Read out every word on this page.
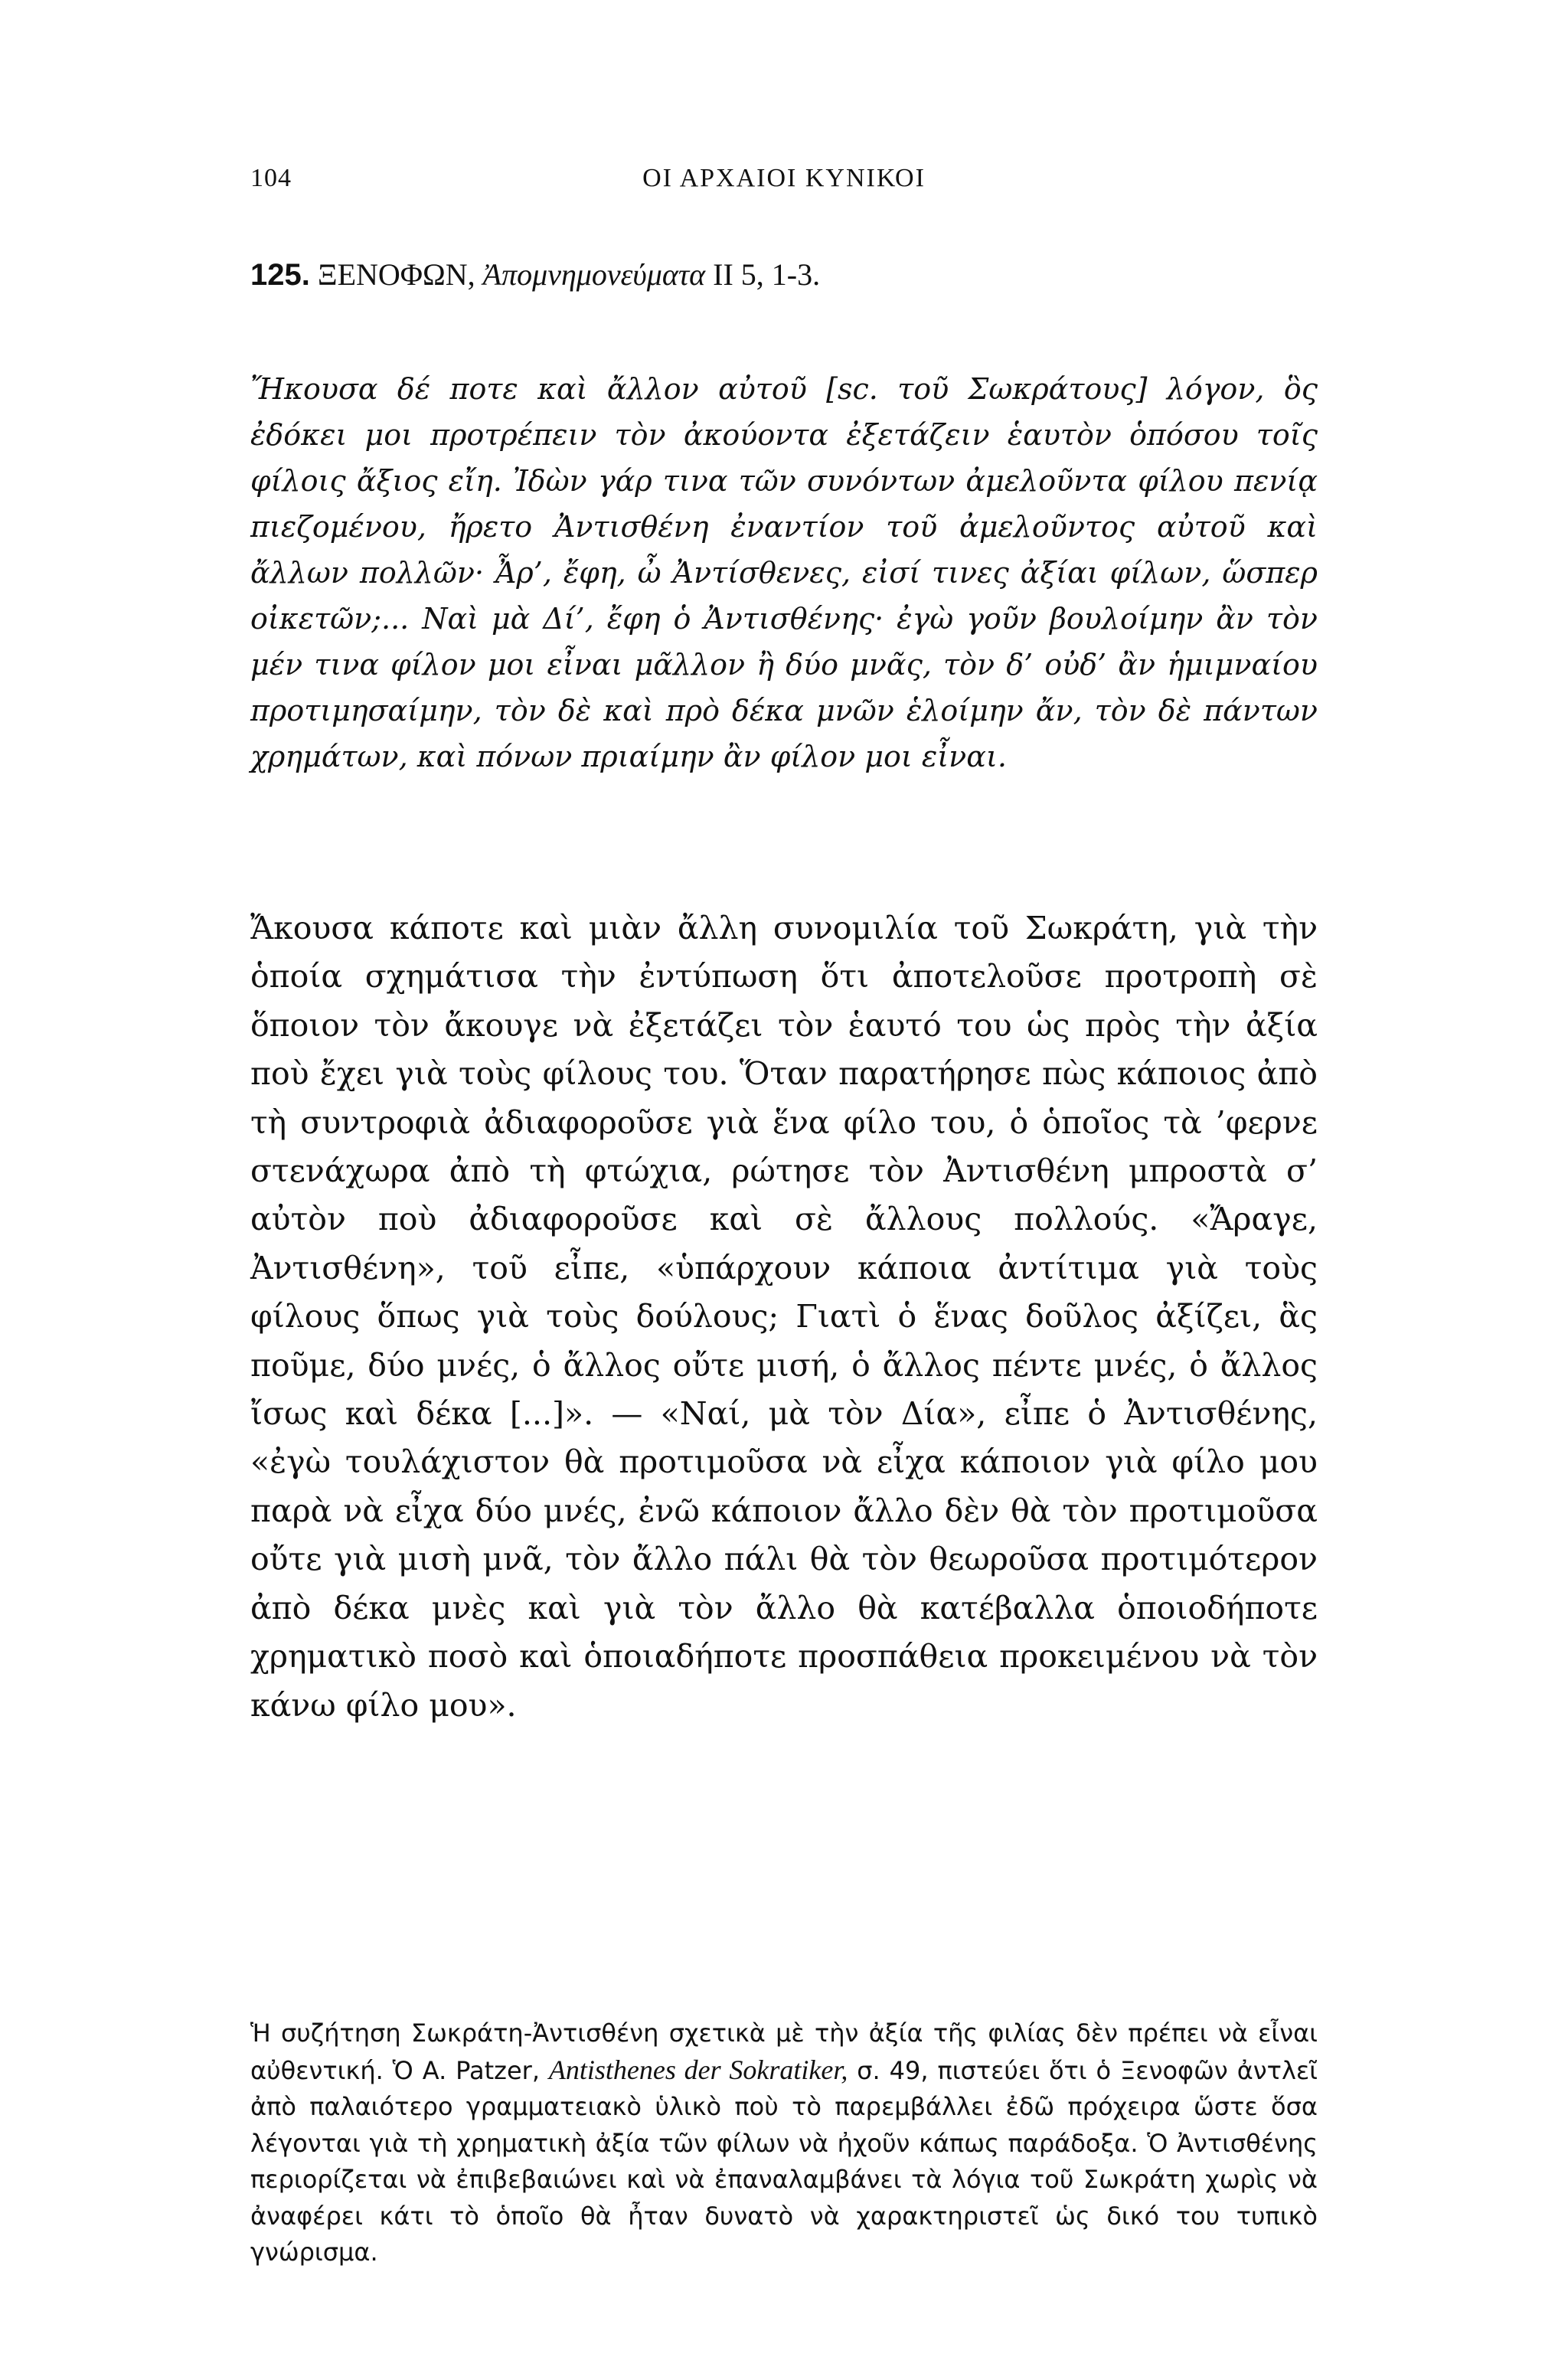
104	ΟΙ ΑΡΧΑΙΟΙ ΚΥΝΙΚΟΙ
125. ΞΕΝΟΦΩΝ, Ἀπομνημονεύματα II 5, 1-3.

Ἤκουσα δέ ποτε καὶ ἄλλον αὐτοῦ [sc. τοῦ Σωκράτους] λόγον, ὃς ἐδόκει μοι προτρέπειν τὸν ἀκούοντα ἐξετάζειν ἑαυτὸν ὁπόσου τοῖς φίλοις ἄξιος εἴη. Ἰδὼν γάρ τινα τῶν συνόντων ἀμελοῦντα φίλου πενίᾳ πιεζομένου, ἤρετο Ἀντισθένη ἐναντίον τοῦ ἀμελοῦντος αὐτοῦ καὶ ἄλλων πολλῶν· Ἆρ’, ἔφη, ὦ Ἀντίσθενες, εἰσί τινες ἀξίαι φίλων, ὥσπερ οἰκετῶν;... Ναὶ μὰ Δί’, ἔφη ὁ Ἀντισθένης· ἐγὼ γοῦν βουλοίμην ἂν τὸν μέν τινα φίλον μοι εἶναι μᾶλλον ἢ δύο μνᾶς, τὸν δ’ οὐδ’ ἂν ἡμιμναίου προτιμησαίμην, τὸν δὲ καὶ πρὸ δέκα μνῶν ἑλοίμην ἄν, τὸν δὲ πάντων χρημάτων, καὶ πόνων πριαίμην ἂν φίλον μοι εἶναι.

Ἄκουσα κάποτε καὶ μιὰν ἄλλη συνομιλία τοῦ Σωκράτη, γιὰ τὴν ὁποία σχημάτισα τὴν ἐντύπωση ὅτι ἀποτελοῦσε προτροπὴ σὲ ὅποιον τὸν ἄκουγε νὰ ἐξετάζει τὸν ἑαυτό του ὡς πρὸς τὴν ἀξία ποὺ ἔχει γιὰ τοὺς φίλους του. Ὅταν παρατήρησε πὼς κάποιος ἀπὸ τὴ συντροφιὰ ἀδιαφοροῦσε γιὰ ἕνα φίλο του, ὁ ὁποῖος τὰ ’φερνε στενάχωρα ἀπὸ τὴ φτώχια, ρώτησε τὸν Ἀντισθένη μπροστὰ σ’ αὐτὸν ποὺ ἀδιαφοροῦσε καὶ σὲ ἄλλους πολλούς. «Ἄραγε, Ἀντισθένη», τοῦ εἶπε, «ὑπάρχουν κάποια ἀντίτιμα γιὰ τοὺς φίλους ὅπως γιὰ τοὺς δούλους; Γιατὶ ὁ ἕνας δοῦλος ἀξίζει, ἃς ποῦμε, δύο μνές, ὁ ἄλλος οὔτε μισή, ὁ ἄλλος πέντε μνές, ὁ ἄλλος ἴσως καὶ δέκα [...]». — «Ναί, μὰ τὸν Δία», εἶπε ὁ Ἀντισθένης, «ἐγὼ τουλάχιστον θὰ προτιμοῦσα νὰ εἶχα κάποιον γιὰ φίλο μου παρὰ νὰ εἶχα δύο μνές, ἐνῶ κάποιον ἄλλο δὲν θὰ τὸν προτιμοῦσα οὔτε γιὰ μισὴ μνᾶ, τὸν ἄλλο πάλι θὰ τὸν θεωροῦσα προτιμότερον ἀπὸ δέκα μνὲς καὶ γιὰ τὸν ἄλλο θὰ κατέβαλλα ὁποιοδήποτε χρηματικὸ ποσὸ καὶ ὁποιαδήποτε προσπάθεια προκειμένου νὰ τὸν κάνω φίλο μου».

Ἡ συζήτηση Σωκράτη-Ἀντισθένη σχετικὰ μὲ τὴν ἀξία τῆς φιλίας δὲν πρέπει νὰ εἶναι αὐθεντική. Ὁ A. Patzer, Antisthenes der Sokratiker, σ. 49, πιστεύει ὅτι ὁ Ξενοφῶν ἀντλεῖ ἀπὸ παλαιότερο γραμματειακὸ ὑλικὸ ποὺ τὸ παρεμβάλλει ἐδῶ πρόχειρα ὥστε ὅσα λέγονται γιὰ τὴ χρηματικὴ ἀξία τῶν φίλων νὰ ἠχοῦν κάπως παράδοξα. Ὁ Ἀντισθένης περιορίζεται νὰ ἐπιβεβαιώνει καὶ νὰ ἐπαναλαμβάνει τὰ λόγια τοῦ Σωκράτη χωρὶς νὰ ἀναφέρει κάτι τὸ ὁποῖο θὰ ἦταν δυνατὸ νὰ χαρακτηριστεῖ ὡς δικό του τυπικὸ γνώρισμα.
